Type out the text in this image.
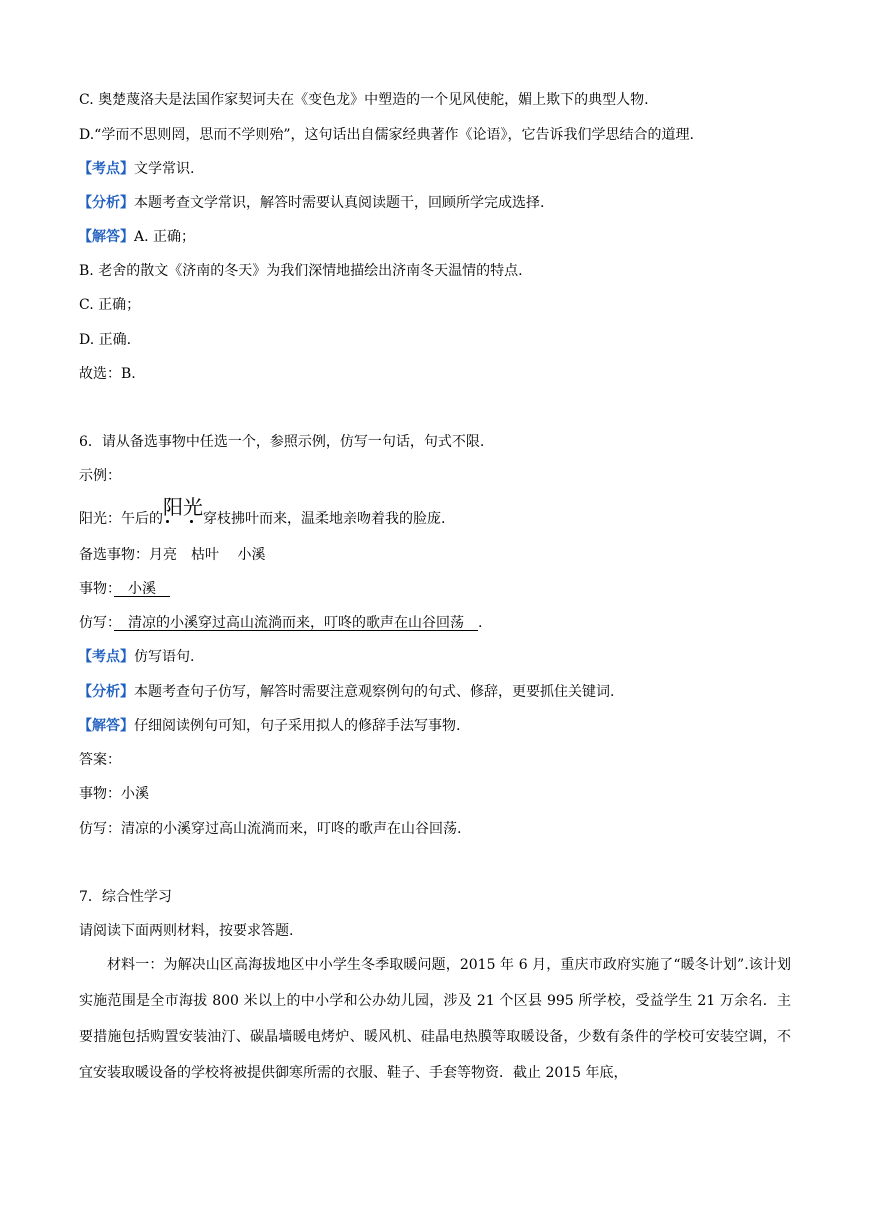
C. 奥楚蔑洛夫是法国作家契诃夫在《变色龙》中塑造的一个见风使舵，媚上欺下的典型人物.
D.“学而不思则罔，思而不学则殆”，这句话出自儒家经典著作《论语》，它告诉我们学思结合的道理.
【考点】文学常识.
【分析】本题考查文学常识，解答时需要认真阅读题干，回顾所学完成选择.
【解答】A. 正确；
B. 老舍的散文《济南的冬天》为我们深情地描绘出济南冬天温情的特点.
C. 正确；
D. 正确.
故选：B.
6．请从备选事物中任选一个，参照示例，仿写一句话，句式不限.
示例：
阳光：午后的阳光
穿枝拂叶而来，温柔地亲吻着我的脸庞.
备选事物：月亮　枯叶　 小溪
事物：　小溪　
仿写：　清凉的小溪穿过高山流淌而来，叮咚的歌声在山谷回荡　.
【考点】仿写语句.
【分析】本题考查句子仿写，解答时需要注意观察例句的句式、修辞，更要抓住关键词.
【解答】仔细阅读例句可知，句子采用拟人的修辞手法写事物.
答案：
事物：小溪
仿写：清凉的小溪穿过高山流淌而来，叮咚的歌声在山谷回荡.
7．综合性学习
请阅读下面两则材料，按要求答题.
材料一：为解决山区高海拔地区中小学生冬季取暖问题，2015 年 6 月，重庆市政府实施了“暖冬计划”.该计划实施范围是全市海拔 800 米以上的中小学和公办幼儿园，涉及 21 个区县 995 所学校，受益学生 21 万余名．主要措施包括购置安装油汀、碳晶墙暖电烤炉、暖风机、硅晶电热膜等取暖设备，少数有条件的学校可安装空调，不宜安装取暖设备的学校将被提供御寒所需的衣服、鞋子、手套等物资．截止 2015 年底，
